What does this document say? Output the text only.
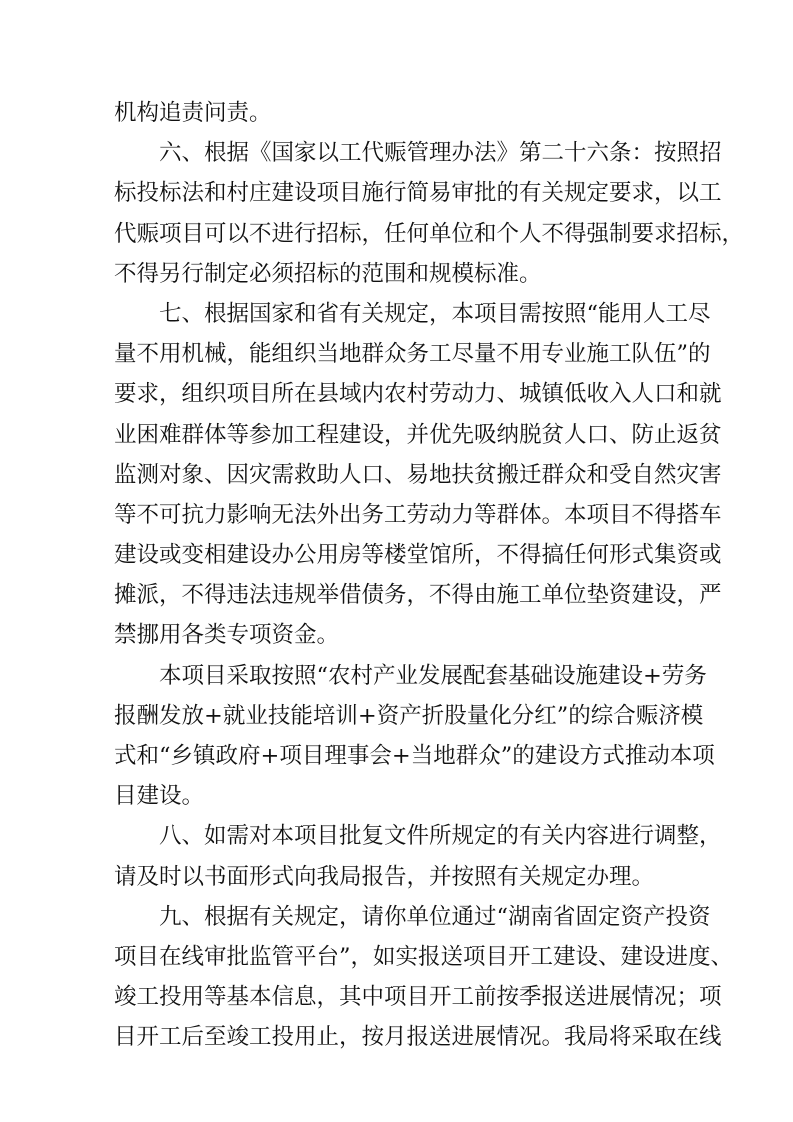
机构追责问责。
六、根据《国家以工代赈管理办法》第二十六条：按照招
标投标法和村庄建设项目施行简易审批的有关规定要求，以工
代赈项目可以不进行招标，任何单位和个人不得强制要求招标，
不得另行制定必须招标的范围和规模标准。
七、根据国家和省有关规定，本项目需按照“能用人工尽
量不用机械，能组织当地群众务工尽量不用专业施工队伍”的
要求，组织项目所在县域内农村劳动力、城镇低收入人口和就
业困难群体等参加工程建设，并优先吸纳脱贫人口、防止返贫
监测对象、因灾需救助人口、易地扶贫搬迁群众和受自然灾害
等不可抗力影响无法外出务工劳动力等群体。本项目不得搭车
建设或变相建设办公用房等楼堂馆所，不得搞任何形式集资或
摊派，不得违法违规举借债务，不得由施工单位垫资建设，严
禁挪用各类专项资金。
本项目采取按照“农村产业发展配套基础设施建设+劳务
报酬发放+就业技能培训+资产折股量化分红”的综合赈济模
式和“乡镇政府+项目理事会+当地群众”的建设方式推动本项
目建设。
八、如需对本项目批复文件所规定的有关内容进行调整，
请及时以书面形式向我局报告，并按照有关规定办理。
九、根据有关规定，请你单位通过“湖南省固定资产投资
项目在线审批监管平台”，如实报送项目开工建设、建设进度、
竣工投用等基本信息，其中项目开工前按季报送进展情况；项
目开工后至竣工投用止，按月报送进展情况。我局将采取在线
